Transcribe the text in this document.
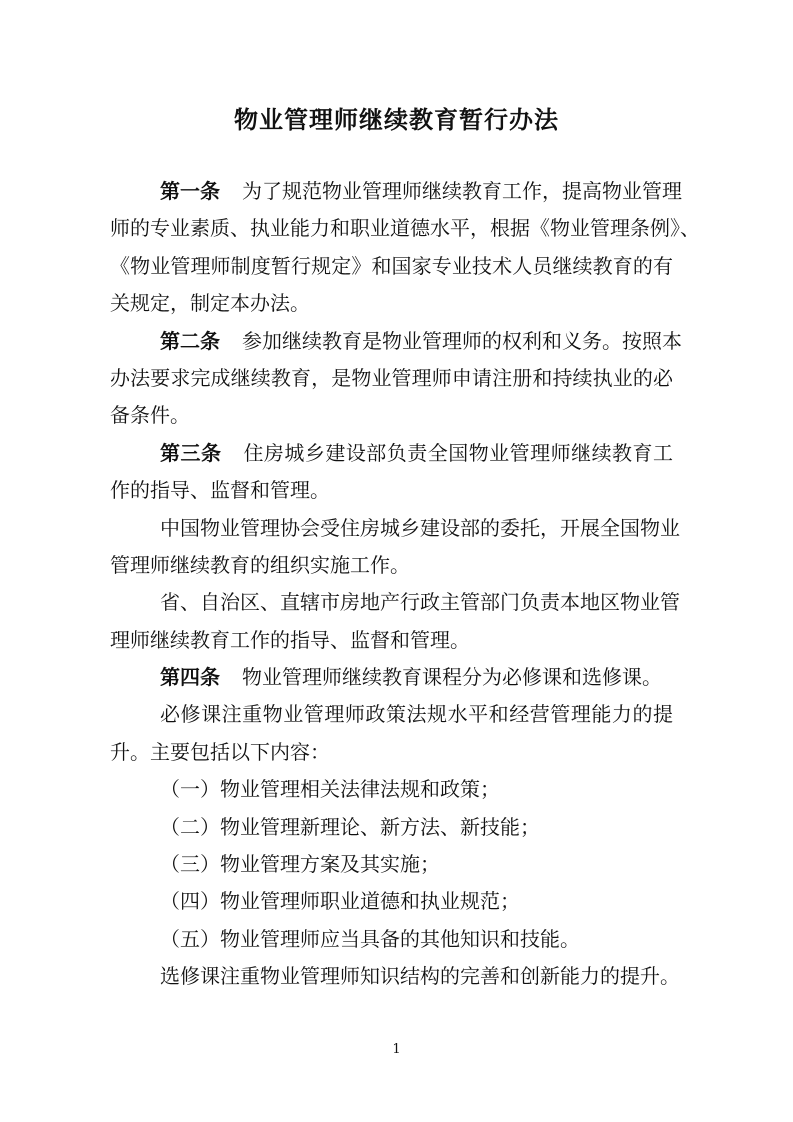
物业管理师继续教育暂行办法
第一条 为了规范物业管理师继续教育工作，提高物业管理
师的专业素质、执业能力和职业道德水平，根据《物业管理条例》、
《物业管理师制度暂行规定》和国家专业技术人员继续教育的有
关规定，制定本办法。
第二条 参加继续教育是物业管理师的权利和义务。按照本
办法要求完成继续教育，是物业管理师申请注册和持续执业的必
备条件。
第三条 住房城乡建设部负责全国物业管理师继续教育工
作的指导、监督和管理。
中国物业管理协会受住房城乡建设部的委托，开展全国物业
管理师继续教育的组织实施工作。
省、自治区、直辖市房地产行政主管部门负责本地区物业管
理师继续教育工作的指导、监督和管理。
第四条 物业管理师继续教育课程分为必修课和选修课。
必修课注重物业管理师政策法规水平和经营管理能力的提
升。主要包括以下内容：
（一）物业管理相关法律法规和政策；
（二）物业管理新理论、新方法、新技能；
（三）物业管理方案及其实施；
（四）物业管理师职业道德和执业规范；
（五）物业管理师应当具备的其他知识和技能。
选修课注重物业管理师知识结构的完善和创新能力的提升。
1
